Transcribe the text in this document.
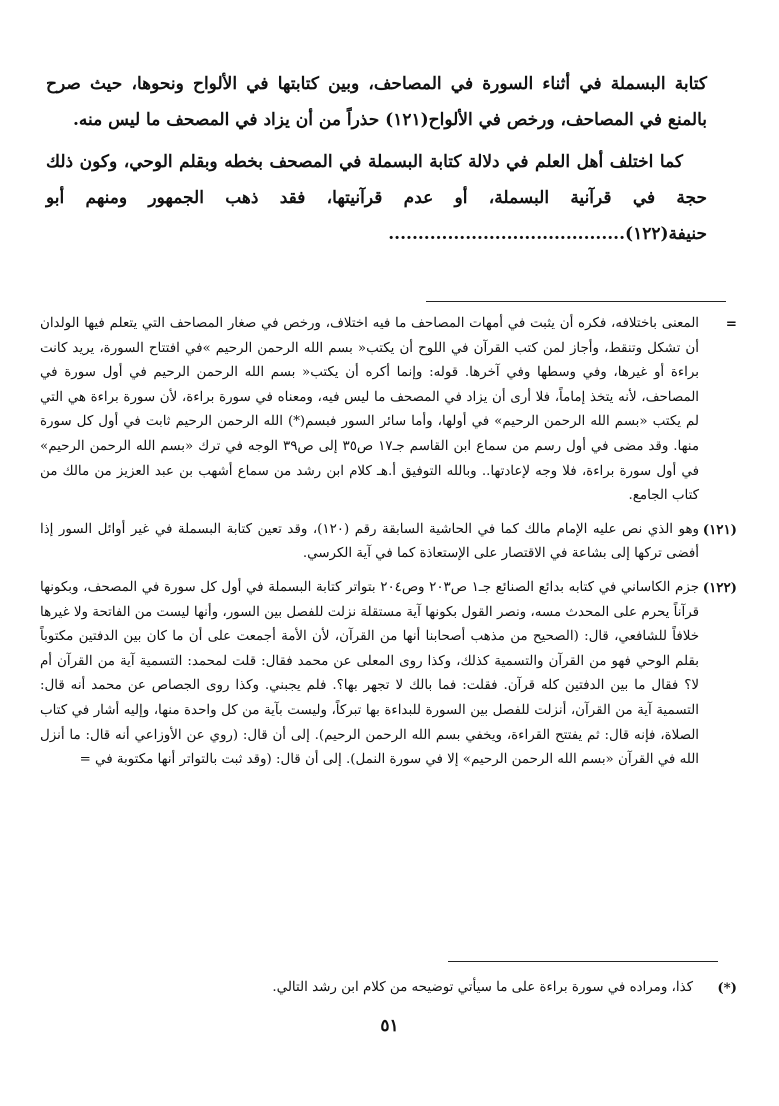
كتابة البسملة في أثناء السورة في المصاحف، وبين كتابتها في الألواح ونحوها، حيث صرح بالمنع في المصاحف، ورخص في الألواح(١٢١) حذراً من أن يزاد في المصحف ما ليس منه.

كما اختلف أهل العلم في دلالة كتابة البسملة في المصحف بخطه وبقلم الوحي، وكون ذلك حجة في قرآنية البسملة، أو عدم قرآنيتها، فقد ذهب الجمهور ومنهم أبو حنيفة(١٢٢)........................................

=
المعنى باختلافه، فكره أن يثبت في أمهات المصاحف ما فيه اختلاف، ورخص في صغار المصاحف التي يتعلم فيها الولدان أن تشكل وتنقط، وأجاز لمن كتب القرآن في اللوح أن يكتب« بسم الله الرحمن الرحيم »في افتتاح السورة، يريد كانت براءة أو غيرها، وفي وسطها وفي آخرها. قوله: وإنما أكره أن يكتب« بسم الله الرحمن الرحيم في أول سورة في المصاحف، لأنه يتخذ إماماً، فلا أرى أن يزاد في المصحف ما ليس فيه، ومعناه في سورة براءة، لأن سورة براءة هي التي لم يكتب «بسم الله الرحمن الرحيم» في أولها، وأما سائر السور فبسم(*) الله الرحمن الرحيم ثابت في أول كل سورة منها. وقد مضى في أول رسم من سماع ابن القاسم جـ١٧ ص٣٥ إلى ص٣٩ الوجه في ترك «بسم الله الرحمن الرحيم» في أول سورة براءة، فلا وجه لإعادتها.. وبالله التوفيق أ.هـ كلام ابن رشد من سماع أشهب بن عبد العزيز من مالك من كتاب الجامع.
(١٢١)
وهو الذي نص عليه الإمام مالك كما في الحاشية السابقة رقم (١٢٠)، وقد تعين كتابة البسملة في غير أوائل السور إذا أفضى تركها إلى بشاعة في الاقتصار على الإستعاذة كما في آية الكرسي.
(١٢٢)
جزم الكاساني في كتابه بدائع الصنائع جـ١ ص٢٠٣ وص٢٠٤ بتواتر كتابة البسملة في أول كل سورة في المصحف، وبكونها قرآناً يحرم على المحدث مسه، ونصر القول بكونها آية مستقلة نزلت للفصل بين السور، وأنها ليست من الفاتحة ولا غيرها خلافاً للشافعي، قال: (الصحيح من مذهب أصحابنا أنها من القرآن، لأن الأمة أجمعت على أن ما كان بين الدفتين مكتوباً بقلم الوحي فهو من القرآن والتسمية كذلك، وكذا روى المعلى عن محمد فقال: قلت لمحمد: التسمية آية من القرآن أم لا؟ فقال ما بين الدفتين كله قرآن. فقلت: فما بالك لا تجهر بها؟. فلم يجبني. وكذا روى الجصاص عن محمد أنه قال: التسمية آية من القرآن، أنزلت للفصل بين السورة للبداءة بها تبركاً، وليست بآية من كل واحدة منها، وإليه أشار في كتاب الصلاة، فإنه قال: ثم يفتتح القراءة، ويخفي بسم الله الرحمن الرحيم). إلى أن قال: (روي عن الأوزاعي أنه قال: ما أنزل الله في القرآن «بسم الله الرحمن الرحيم» إلا في سورة النمل). إلى أن قال: (وقد ثبت بالتواتر أنها مكتوبة في =
(*)
كذا، ومراده في سورة براءة على ما سيأتي توضيحه من كلام ابن رشد التالي.
٥١
